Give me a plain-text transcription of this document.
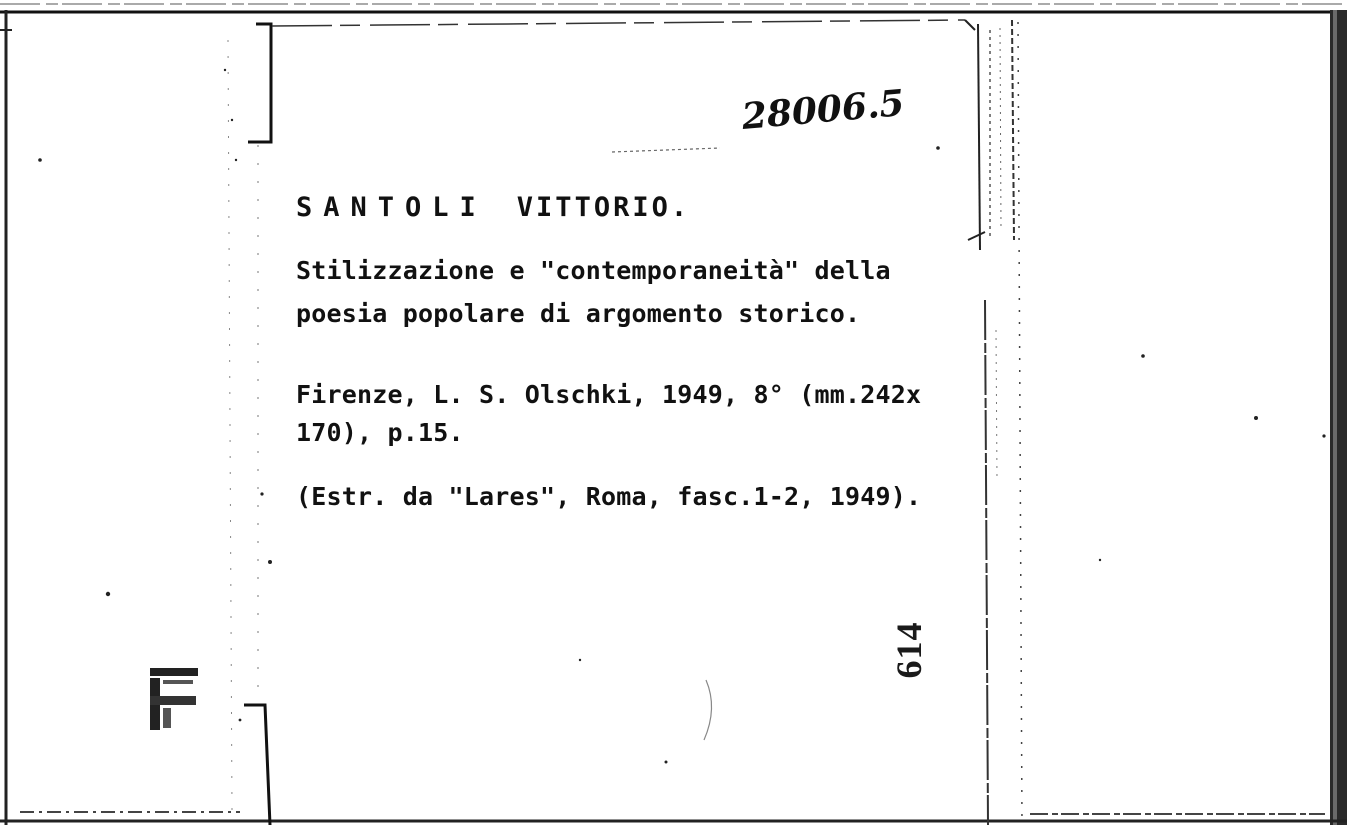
28006.5
SANTOLI VITTORIO.
Stilizzazione e "contemporaneità" della
poesia popolare di argomento storico.
Firenze, L. S. Olschki, 1949, 8° (mm.242x
170), p.15.
(Estr. da "Lares", Roma, fasc.1-2, 1949).
614
